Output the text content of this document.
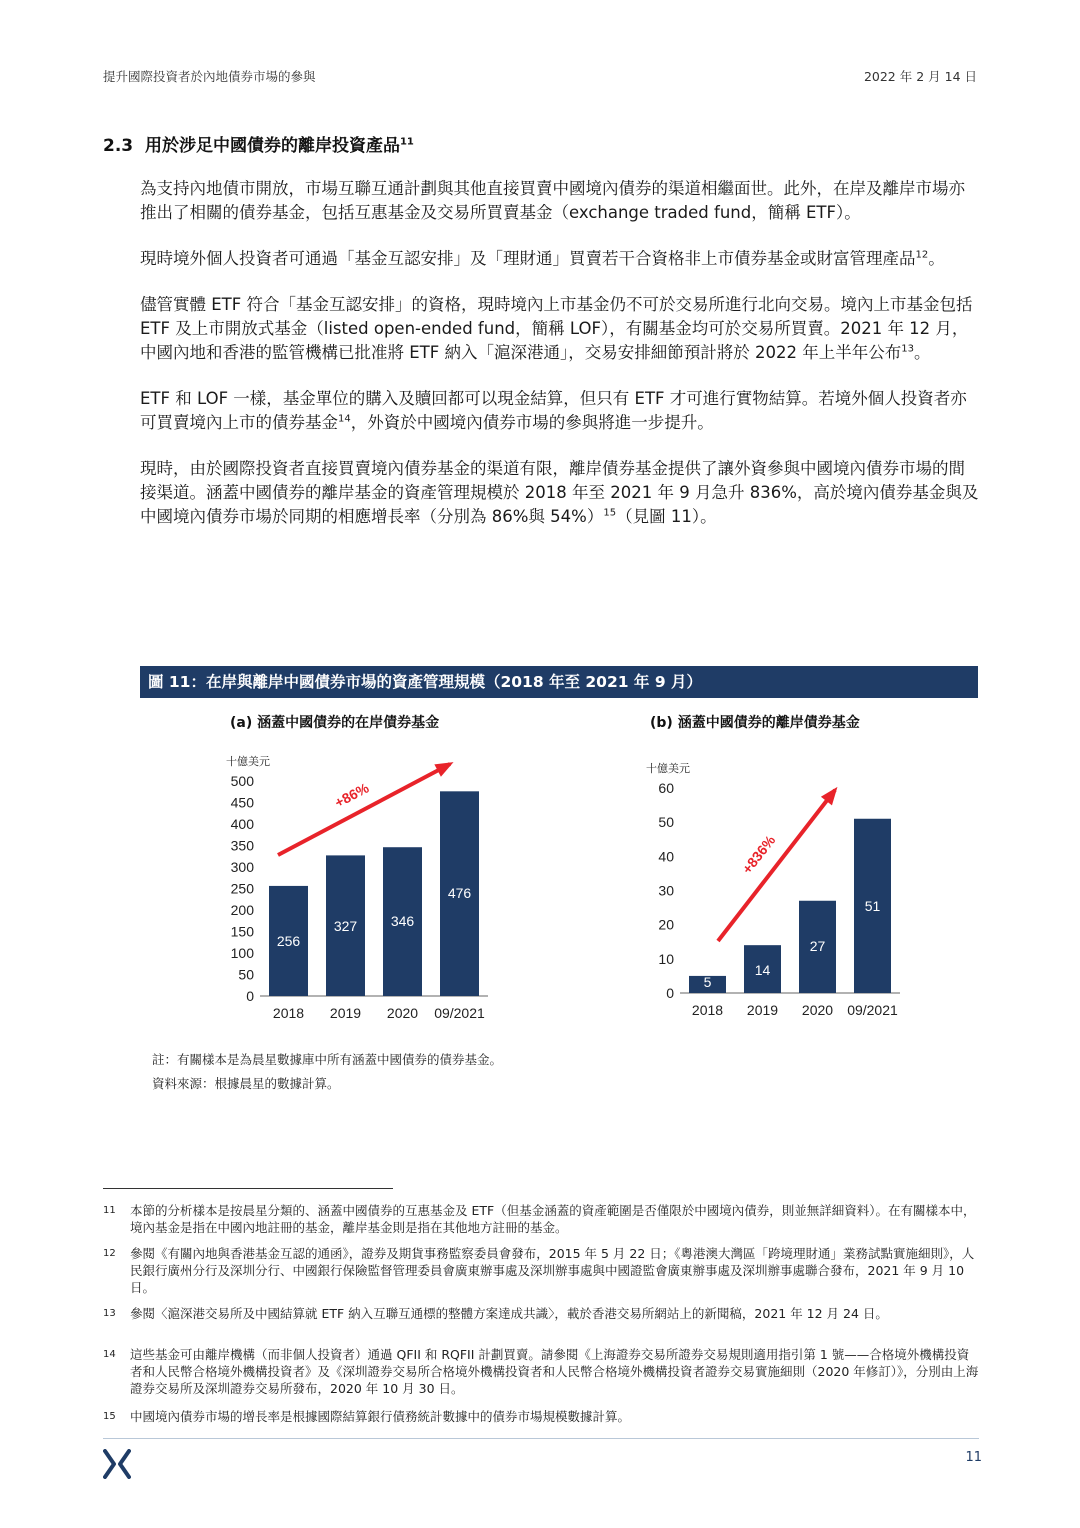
提升國際投資者於內地債券市場的參與	2022 年 2 月 14 日
2.3 用於涉足中國債券的離岸投資產品$^{11}$

為支持內地債市開放，市場互聯互通計劃與其他直接買賣中國境內債券的渠道相繼面世。此外，在岸及離岸市場亦推出了相關的債券基金，包括互惠基金及交易所買賣基金（exchange traded fund，簡稱 ETF）。

現時境外個人投資者可通過「基金互認安排」及「理財通」買賣若干合資格非上市債券基金或財富管理產品$^{12}$。

儘管實體 ETF 符合「基金互認安排」的資格，現時境內上市基金仍不可於交易所進行北向交易。境內上市基金包括 ETF 及上市開放式基金（listed open-ended fund，簡稱 LOF），有關基金均可於交易所買賣。2021 年 12 月，中國內地和香港的監管機構已批准將 ETF 納入「滬深港通」，交易安排細節預計將於 2022 年上半年公布$^{13}$。

ETF 和 LOF 一樣，基金單位的購入及贖回都可以現金結算，但只有 ETF 才可進行實物結算。若境外個人投資者亦可買賣境內上市的債券基金$^{14}$，外資於中國境內債券市場的參與將進一步提升。

現時，由於國際投資者直接買賣境內債券基金的渠道有限，離岸債券基金提供了讓外資參與中國境內債券市場的間接渠道。涵蓋中國債券的離岸基金的資產管理規模於 2018 年至 2021 年 9 月急升 836%，高於境內債券基金與及中國境內債券市場於同期的相應增長率（分別為 86%與 54%）$^{15}$（見圖 11）。

圖 11：在岸與離岸中國債券市場的資產管理規模（2018 年至 2021 年 9 月）
(a) 涵蓋中國債券的在岸債券基金
十億美元
0
50
100
150
200
250
300
350
400
450
500
256
2018
327
2019
346
2020
476
09/2021
+86%
(b) 涵蓋中國債券的離岸債券基金
十億美元
0
10
20
30
40
50
60
5
2018
14
2019
27
2020
51
09/2021
+836%
註：有關樣本是為晨星數據庫中所有涵蓋中國債券的債券基金。
資料來源：根據晨星的數據計算。
11 本節的分析樣本是按晨星分類的、涵蓋中國債券的互惠基金及 ETF（但基金涵蓋的資產範圍是否僅限於中國境內債券，則並無詳細資料）。在有關樣本中，境內基金是指在中國內地註冊的基金，離岸基金則是指在其他地方註冊的基金。
12 參閱《有關內地與香港基金互認的通函》，證券及期貨事務監察委員會發布，2015 年 5 月 22 日；《粵港澳大灣區「跨境理財通」業務試點實施細則》，人民銀行廣州分行及深圳分行、中國銀行保險監督管理委員會廣東辦事處及深圳辦事處與中國證監會廣東辦事處及深圳辦事處聯合發布，2021 年 9 月 10 日。
13 參閱〈滬深港交易所及中國結算就 ETF 納入互聯互通標的整體方案達成共識〉，載於香港交易所網站上的新聞稿，2021 年 12 月 24 日。
14 這些基金可由離岸機構（而非個人投資者）通過 QFII 和 RQFII 計劃買賣。請參閱《上海證券交易所證券交易規則適用指引第 1 號——合格境外機構投資者和人民幣合格境外機構投資者》及《深圳證券交易所合格境外機構投資者和人民幣合格境外機構投資者證券交易實施細則（2020 年修訂）》，分別由上海證券交易所及深圳證券交易所發布，2020 年 10 月 30 日。
15 中國境內債券市場的增長率是根據國際結算銀行債務統計數據中的債券市場規模數據計算。
11
